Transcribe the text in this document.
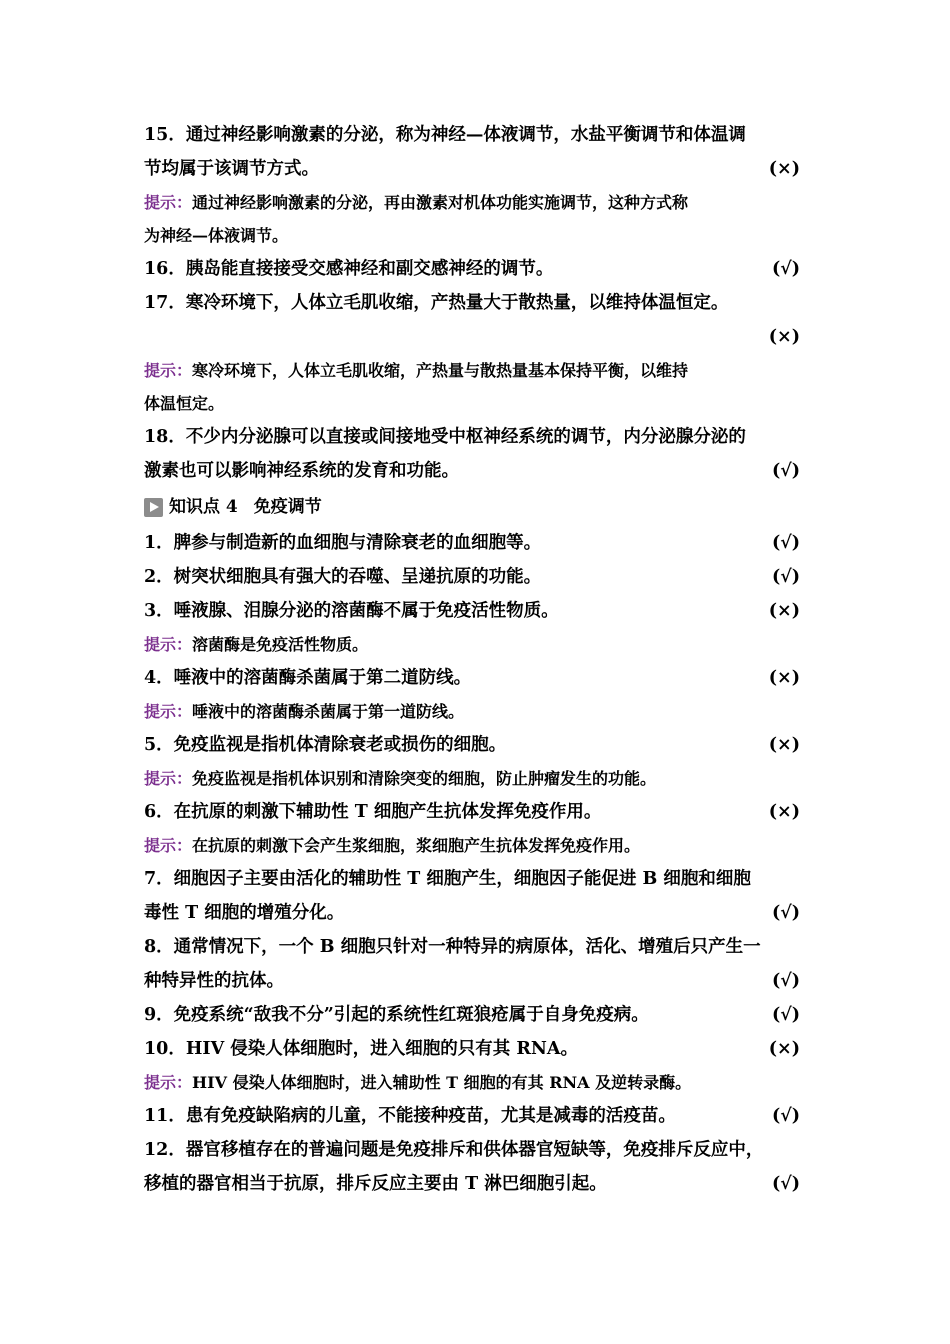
15．通过神经影响激素的分泌，称为神经—体液调节，水盐平衡调节和体温调
节均属于该调节方式。	(×)
提示：通过神经影响激素的分泌，再由激素对机体功能实施调节，这种方式称
为神经—体液调节。
16．胰岛能直接接受交感神经和副交感神经的调节。	(√)
17．寒冷环境下，人体立毛肌收缩，产热量大于散热量，以维持体温恒定。
(×)
提示：寒冷环境下，人体立毛肌收缩，产热量与散热量基本保持平衡，以维持
体温恒定。
18．不少内分泌腺可以直接或间接地受中枢神经系统的调节，内分泌腺分泌的
激素也可以影响神经系统的发育和功能。	(√)
知识点 4 免疫调节
1．脾参与制造新的血细胞与清除衰老的血细胞等。	(√)
2．树突状细胞具有强大的吞噬、呈递抗原的功能。	(√)
3．唾液腺、泪腺分泌的溶菌酶不属于免疫活性物质。	(×)
提示：溶菌酶是免疫活性物质。
4．唾液中的溶菌酶杀菌属于第二道防线。	(×)
提示：唾液中的溶菌酶杀菌属于第一道防线。
5．免疫监视是指机体清除衰老或损伤的细胞。	(×)
提示：免疫监视是指机体识别和清除突变的细胞，防止肿瘤发生的功能。
6．在抗原的刺激下辅助性 T 细胞产生抗体发挥免疫作用。	(×)
提示：在抗原的刺激下会产生浆细胞，浆细胞产生抗体发挥免疫作用。
7．细胞因子主要由活化的辅助性 T 细胞产生，细胞因子能促进 B 细胞和细胞
毒性 T 细胞的增殖分化。	(√)
8．通常情况下，一个 B 细胞只针对一种特异的病原体，活化、增殖后只产生一
种特异性的抗体。	(√)
9．免疫系统“敌我不分”引起的系统性红斑狼疮属于自身免疫病。	(√)
10．HIV 侵染人体细胞时，进入细胞的只有其 RNA。	(×)
提示：HIV 侵染人体细胞时，进入辅助性 T 细胞的有其 RNA 及逆转录酶。
11．患有免疫缺陷病的儿童，不能接种疫苗，尤其是减毒的活疫苗。	(√)
12．器官移植存在的普遍问题是免疫排斥和供体器官短缺等，免疫排斥反应中，
移植的器官相当于抗原，排斥反应主要由 T 淋巴细胞引起。	(√)
